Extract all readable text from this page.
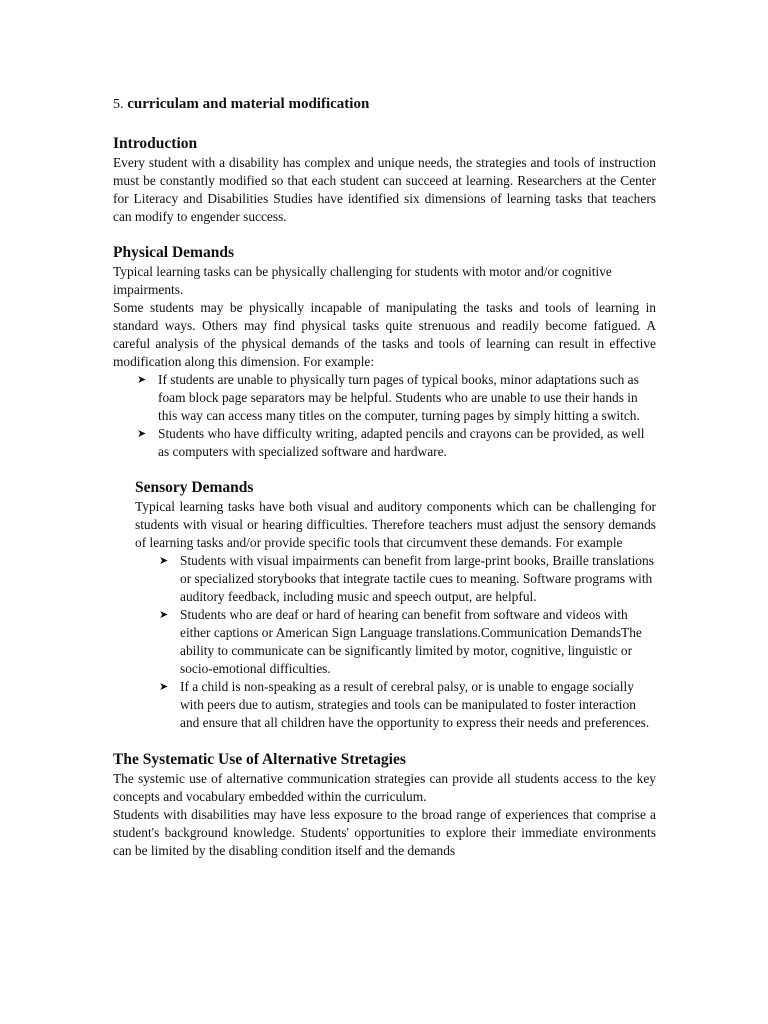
5. curriculam and material modification
Introduction

Every student with a disability has complex and unique needs, the strategies and tools of instruction must be constantly modified so that each student can succeed at learning. Researchers at the Center for Literacy and Disabilities Studies have identified six dimensions of learning tasks that teachers can modify to engender success.

Physical Demands

Typical learning tasks can be physically challenging for students with motor and/or cognitive impairments.

Some students may be physically incapable of manipulating the tasks and tools of learning in standard ways. Others may find physical tasks quite strenuous and readily become fatigued. A careful analysis of the physical demands of the tasks and tools of learning can result in effective modification along this dimension. For example:

➤ If students are unable to physically turn pages of typical books, minor adaptations such as foam block page separators may be helpful. Students who are unable to use their hands in this way can access many titles on the computer, turning pages by simply hitting a switch.
➤ Students who have difficulty writing, adapted pencils and crayons can be provided, as well as computers with specialized software and hardware.
Sensory Demands

Typical learning tasks have both visual and auditory components which can be challenging for students with visual or hearing difficulties. Therefore teachers must adjust the sensory demands of learning tasks and/or provide specific tools that circumvent these demands. For example

➤ Students with visual impairments can benefit from large-print books, Braille translations or specialized storybooks that integrate tactile cues to meaning. Software programs with auditory feedback, including music and speech output, are helpful.
➤ Students who are deaf or hard of hearing can benefit from software and videos with either captions or American Sign Language translations.Communication DemandsThe ability to communicate can be significantly limited by motor, cognitive, linguistic or socio-emotional difficulties.
➤ If a child is non-speaking as a result of cerebral palsy, or is unable to engage socially with peers due to autism, strategies and tools can be manipulated to foster interaction and ensure that all children have the opportunity to express their needs and preferences.
The Systematic Use of Alternative Stretagies

The systemic use of alternative communication strategies can provide all students access to the key concepts and vocabulary embedded within the curriculum.

Students with disabilities may have less exposure to the broad range of experiences that comprise a student's background knowledge. Students' opportunities to explore their immediate environments can be limited by the disabling condition itself and the demands
